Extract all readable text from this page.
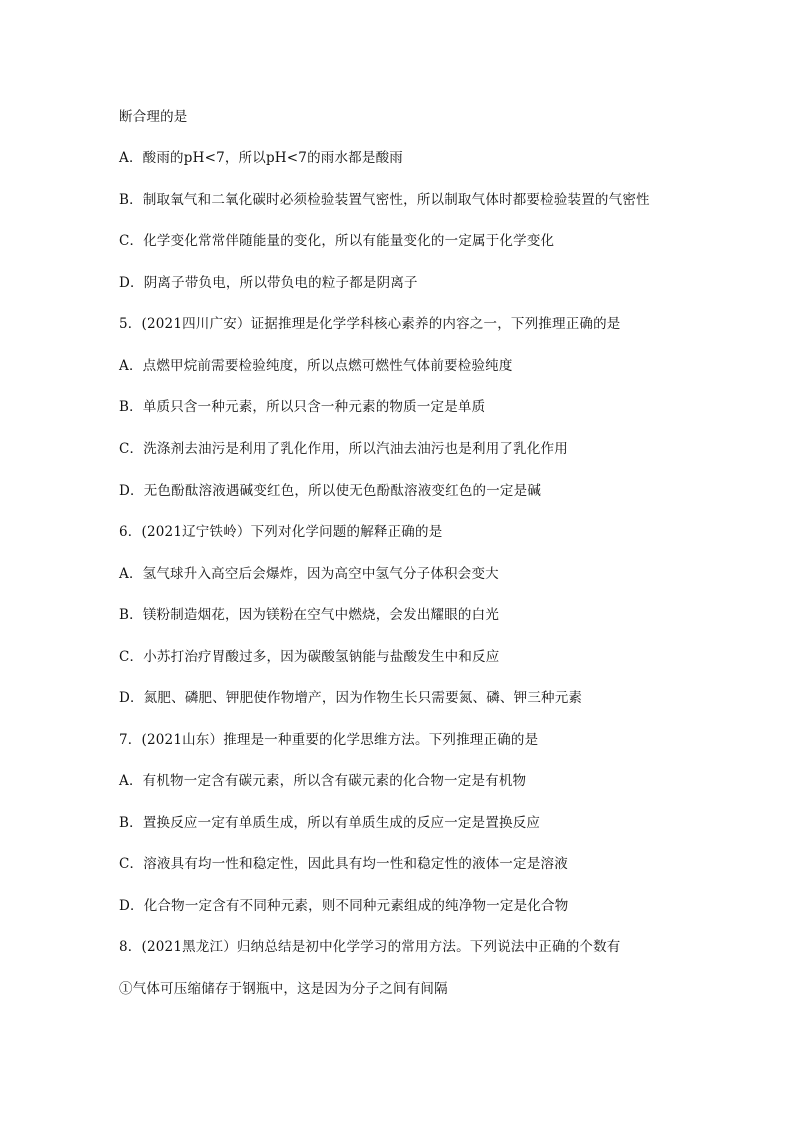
断合理的是
A．酸雨的pH<7，所以pH<7的雨水都是酸雨
B．制取氧气和二氧化碳时必须检验装置气密性，所以制取气体时都要检验装置的气密性
C．化学变化常常伴随能量的变化，所以有能量变化的一定属于化学变化
D．阴离子带负电，所以带负电的粒子都是阴离子
5．(2021四川广安）证据推理是化学学科核心素养的内容之一，下列推理正确的是
A．点燃甲烷前需要检验纯度，所以点燃可燃性气体前要检验纯度
B．单质只含一种元素，所以只含一种元素的物质一定是单质
C．洗涤剂去油污是利用了乳化作用，所以汽油去油污也是利用了乳化作用
D．无色酚酞溶液遇碱变红色，所以使无色酚酞溶液变红色的一定是碱
6．(2021辽宁铁岭）下列对化学问题的解释正确的是
A．氢气球升入高空后会爆炸，因为高空中氢气分子体积会变大
B．镁粉制造烟花，因为镁粉在空气中燃烧，会发出耀眼的白光
C．小苏打治疗胃酸过多，因为碳酸氢钠能与盐酸发生中和反应
D．氮肥、磷肥、钾肥使作物增产，因为作物生长只需要氮、磷、钾三种元素
7．(2021山东）推理是一种重要的化学思维方法。下列推理正确的是
A．有机物一定含有碳元素，所以含有碳元素的化合物一定是有机物
B．置换反应一定有单质生成，所以有单质生成的反应一定是置换反应
C．溶液具有均一性和稳定性，因此具有均一性和稳定性的液体一定是溶液
D．化合物一定含有不同种元素，则不同种元素组成的纯净物一定是化合物
8．(2021黑龙江）归纳总结是初中化学学习的常用方法。下列说法中正确的个数有
①气体可压缩储存于钢瓶中，这是因为分子之间有间隔
